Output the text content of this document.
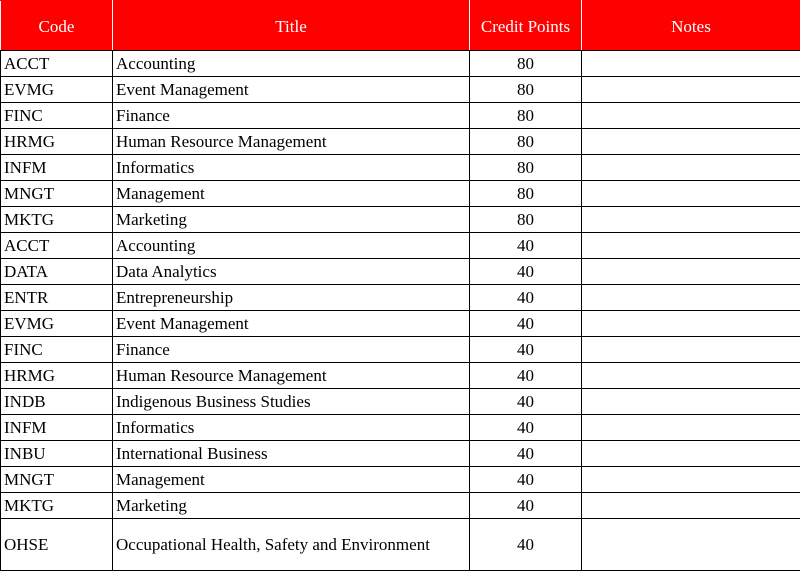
Code	Title	Credit Points	Notes
ACCT	Accounting	80	
EVMG	Event Management	80	
FINC	Finance	80	
HRMG	Human Resource Management	80	
INFM	Informatics	80	
MNGT	Management	80	
MKTG	Marketing	80	
ACCT	Accounting	40	
DATA	Data Analytics	40	
ENTR	Entrepreneurship	40	
EVMG	Event Management	40	
FINC	Finance	40	
HRMG	Human Resource Management	40	
INDB	Indigenous Business Studies	40	
INFM	Informatics	40	
INBU	International Business	40	
MNGT	Management	40	
MKTG	Marketing	40	
OHSE	Occupational Health, Safety and Environment	40	
